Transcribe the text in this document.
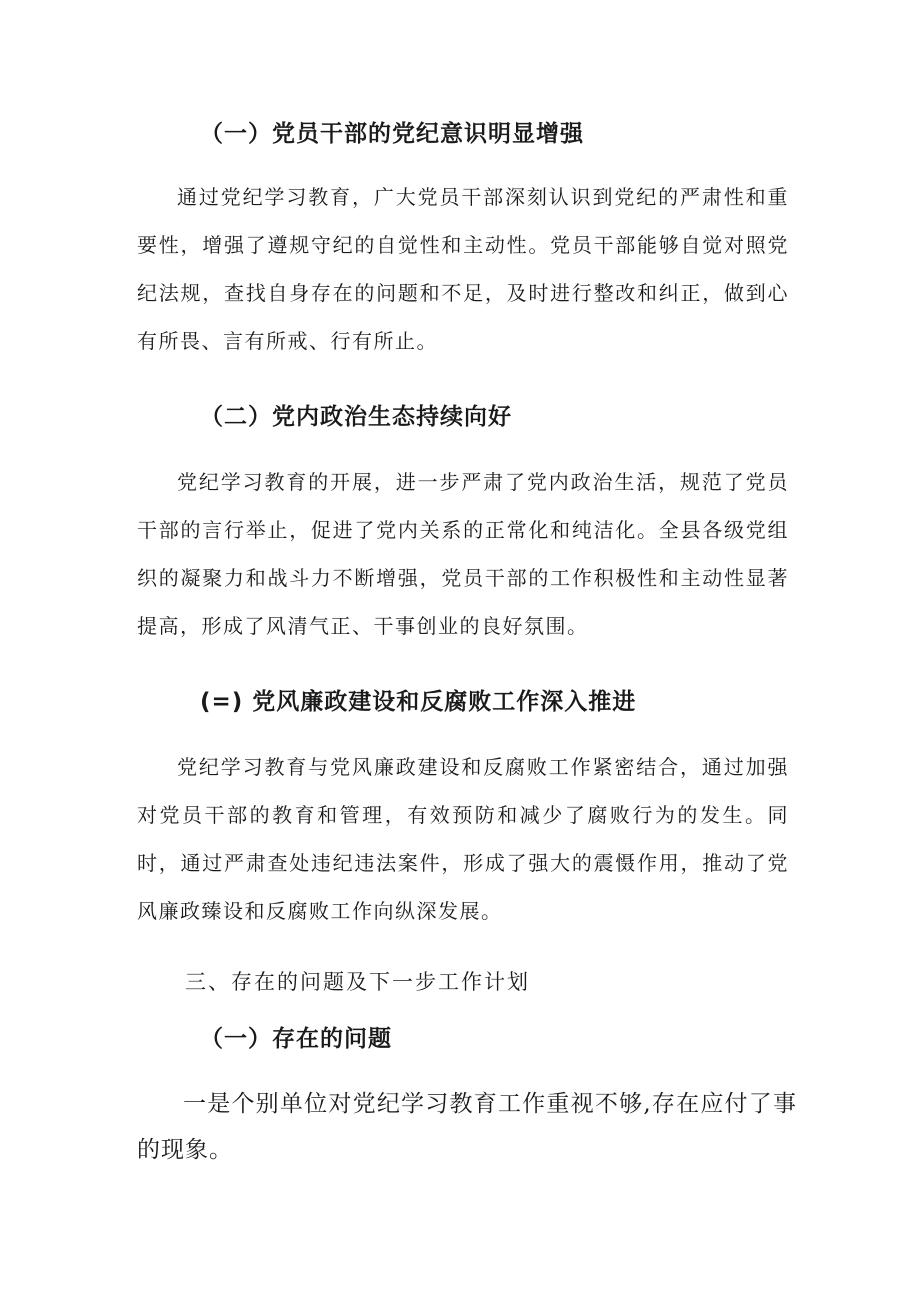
（一）党员干部的党纪意识明显增强

通过党纪学习教育，广大党员干部深刻认识到党纪的严肃性和重要性，增强了遵规守纪的自觉性和主动性。党员干部能够自觉对照党纪法规，查找自身存在的问题和不足，及时进行整改和纠正，做到心有所畏、言有所戒、行有所止。

（二）党内政治生态持续向好

党纪学习教育的开展，进一步严肃了党内政治生活，规范了党员干部的言行举止，促进了党内关系的正常化和纯洁化。全县各级党组织的凝聚力和战斗力不断增强，党员干部的工作积极性和主动性显著提高，形成了风清气正、干事创业的良好氛围。

(=) 党风廉政建设和反腐败工作深入推进

党纪学习教育与党风廉政建设和反腐败工作紧密结合，通过加强对党员干部的教育和管理，有效预防和减少了腐败行为的发生。同时，通过严肃查处违纪违法案件，形成了强大的震慑作用，推动了党风廉政臻设和反腐败工作向纵深发展。

三、存在的问题及下一步工作计划

（一）存在的问题

一是个别单位对党纪学习教育工作重视不够,存在应付了事的现象。
